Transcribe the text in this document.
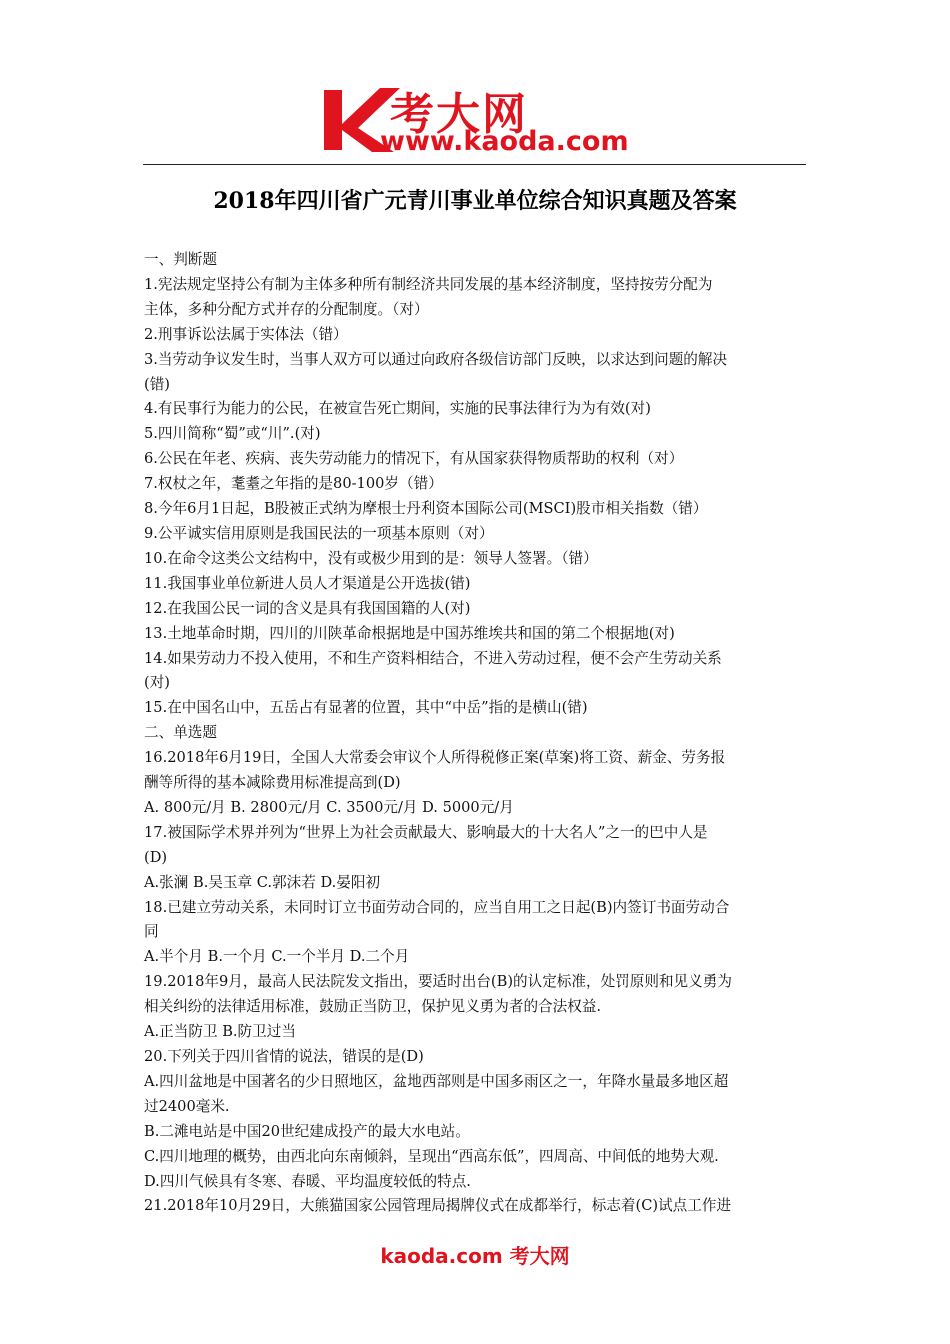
考大网
www.kaoda.com
2018年四川省广元青川事业单位综合知识真题及答案

一、判断题

1.宪法规定坚持公有制为主体多种所有制经济共同发展的基本经济制度，坚持按劳分配为

主体，多种分配方式并存的分配制度。（对）

2.刑事诉讼法属于实体法（错）

3.当劳动争议发生时，当事人双方可以通过向政府各级信访部门反映，以求达到问题的解决

(错)

4.有民事行为能力的公民，在被宣告死亡期间，实施的民事法律行为为有效(对)

5.四川简称“蜀”或“川”.(对)

6.公民在年老、疾病、丧失劳动能力的情况下，有从国家获得物质帮助的权利（对）

7.权杖之年，耄耋之年指的是80-100岁（错）

8.今年6月1日起，B股被正式纳为摩根士丹利资本国际公司(MSCI)股市相关指数（错）

9.公平诚实信用原则是我国民法的一项基本原则（对）

10.在命令这类公文结构中，没有或极少用到的是：领导人签署。（错）

11.我国事业单位新进人员人才渠道是公开选拔(错)

12.在我国公民一词的含义是具有我国国籍的人(对)

13.土地革命时期，四川的川陕革命根据地是中国苏维埃共和国的第二个根据地(对)

14.如果劳动力不投入使用，不和生产资料相结合，不进入劳动过程，便不会产生劳动关系

(对)

15.在中国名山中，五岳占有显著的位置，其中“中岳”指的是横山(错)

二、单选题

16.2018年6月19日，全国人大常委会审议个人所得税修正案(草案)将工资、薪金、劳务报

酬等所得的基本减除费用标准提高到(D)

A. 800元/月 B. 2800元/月 C. 3500元/月 D. 5000元/月

17.被国际学术界并列为“世界上为社会贡献最大、影响最大的十大名人”之一的巴中人是

(D)

A.张澜 B.吴玉章 C.郭沫若 D.晏阳初

18.已建立劳动关系，未同时订立书面劳动合同的，应当自用工之日起(B)内签订书面劳动合

同

A.半个月 B.一个月 C.一个半月 D.二个月

19.2018年9月，最高人民法院发文指出，要适时出台(B)的认定标准，处罚原则和见义勇为

相关纠纷的法律适用标准，鼓励正当防卫，保护见义勇为者的合法权益.

A.正当防卫 B.防卫过当

20.下列关于四川省情的说法，错误的是(D)

A.四川盆地是中国著名的少日照地区，盆地西部则是中国多雨区之一，年降水量最多地区超

过2400毫米.

B.二滩电站是中国20世纪建成投产的最大水电站。

C.四川地理的概势，由西北向东南倾斜，呈现出“西高东低”，四周高、中间低的地势大观.

D.四川气候具有冬寒、春暖、平均温度较低的特点.

21.2018年10月29日，大熊猫国家公园管理局揭牌仪式在成都举行，标志着(C)试点工作进

kaoda.com 考大网
